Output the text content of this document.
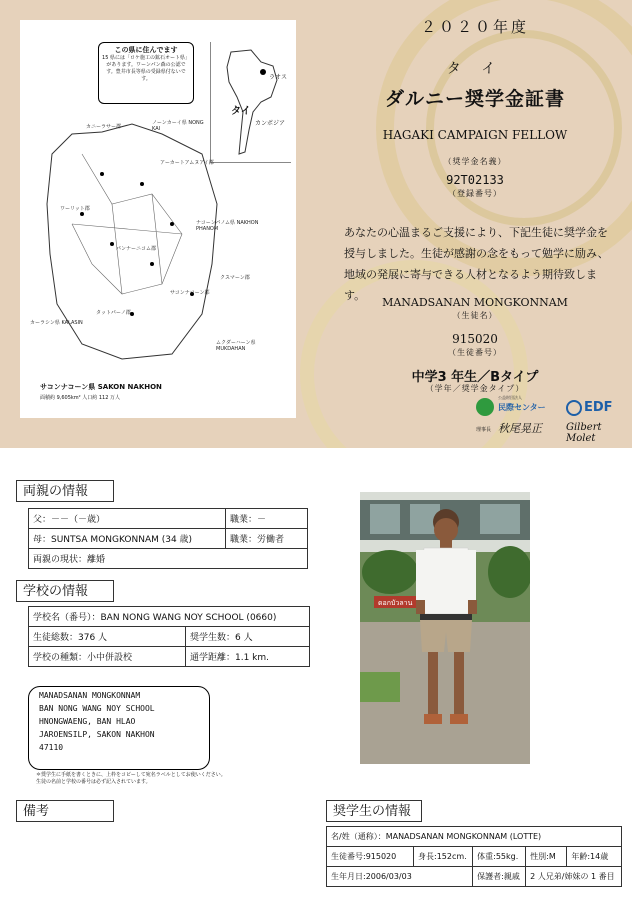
この県に住んでます
15 県には「ロケ施工の鉱石オート県」があります。ワーンパン森の公認です。豊井市長等県の受録県付ないです。	ラオス
タイ
カンボジア
カニーラサー郡
ノーンカーイ県 NONG KAI
アーカートアムヌアイ郡
ナコーンパノム県 NAKHON PHANOM
サコンナコーン郡
クスマーン郡
カーラシン県 KALASIN
タットパーノ郡
ムクダーハーン県 MUKDAHAN
パンナーニコム郡
ワーリット郡
サコンナコーン県 SAKON NAKHON
面積約 9,605km² 人口約 112 万人
２０２０年度
タ イ
ダルニー奨学金証書
HAGAKI CAMPAIGN FELLOW
（奨学金名義）
92T02133
（登録番号）
あなたの心温まるご支援により、下記生徒に奨学金を授与しました。生徒が感謝の念をもって勉学に励み、地域の発展に寄与できる人材となるよう期待致します。
MANADSANAN MONGKONNAM
（生徒名）
915020
（生徒番号）
中学3 年生／Bタイプ
（学年／奨学金タイプ）
公益財団法人
民際センター
理事長 秋尾晃正
EDF
Gilbert Molet
両親の情報
父：－－（－歳）	職業：－
母：SUNTSA MONGKONNAM (34 歳)	職業：労働者
両親の現状：離婚	
学校の情報
学校名（番号）：BAN NONG WANG NOY SCHOOL (0660)	
生徒総数：376 人	奨学生数：6 人
学校の種類：小中併設校	通学距離：1.1 km.
MANADSANAN MONGKONNAM
BAN NONG WANG NOY SCHOOL
HNONGWAENG, BAN HLAO
JAROENSILP, SAKON NAKHON
47110
＊奨学生に手紙を書くときに、上枠をコピーして宛名ラベルとしてお使いください。生徒の名前と学校の番号は必ず記入されています。
ดอกบัวลาน
備考	奨学生の情報
名/姓（通称）：MANADSANAN MONGKONNAM (LOTTE)				
生徒番号:915020	身長:152cm.	体重:55kg.	性別:M	年齢:14歳
生年月日:2006/03/03		保護者:親戚	2 人兄弟/姉妹の 1 番目	
